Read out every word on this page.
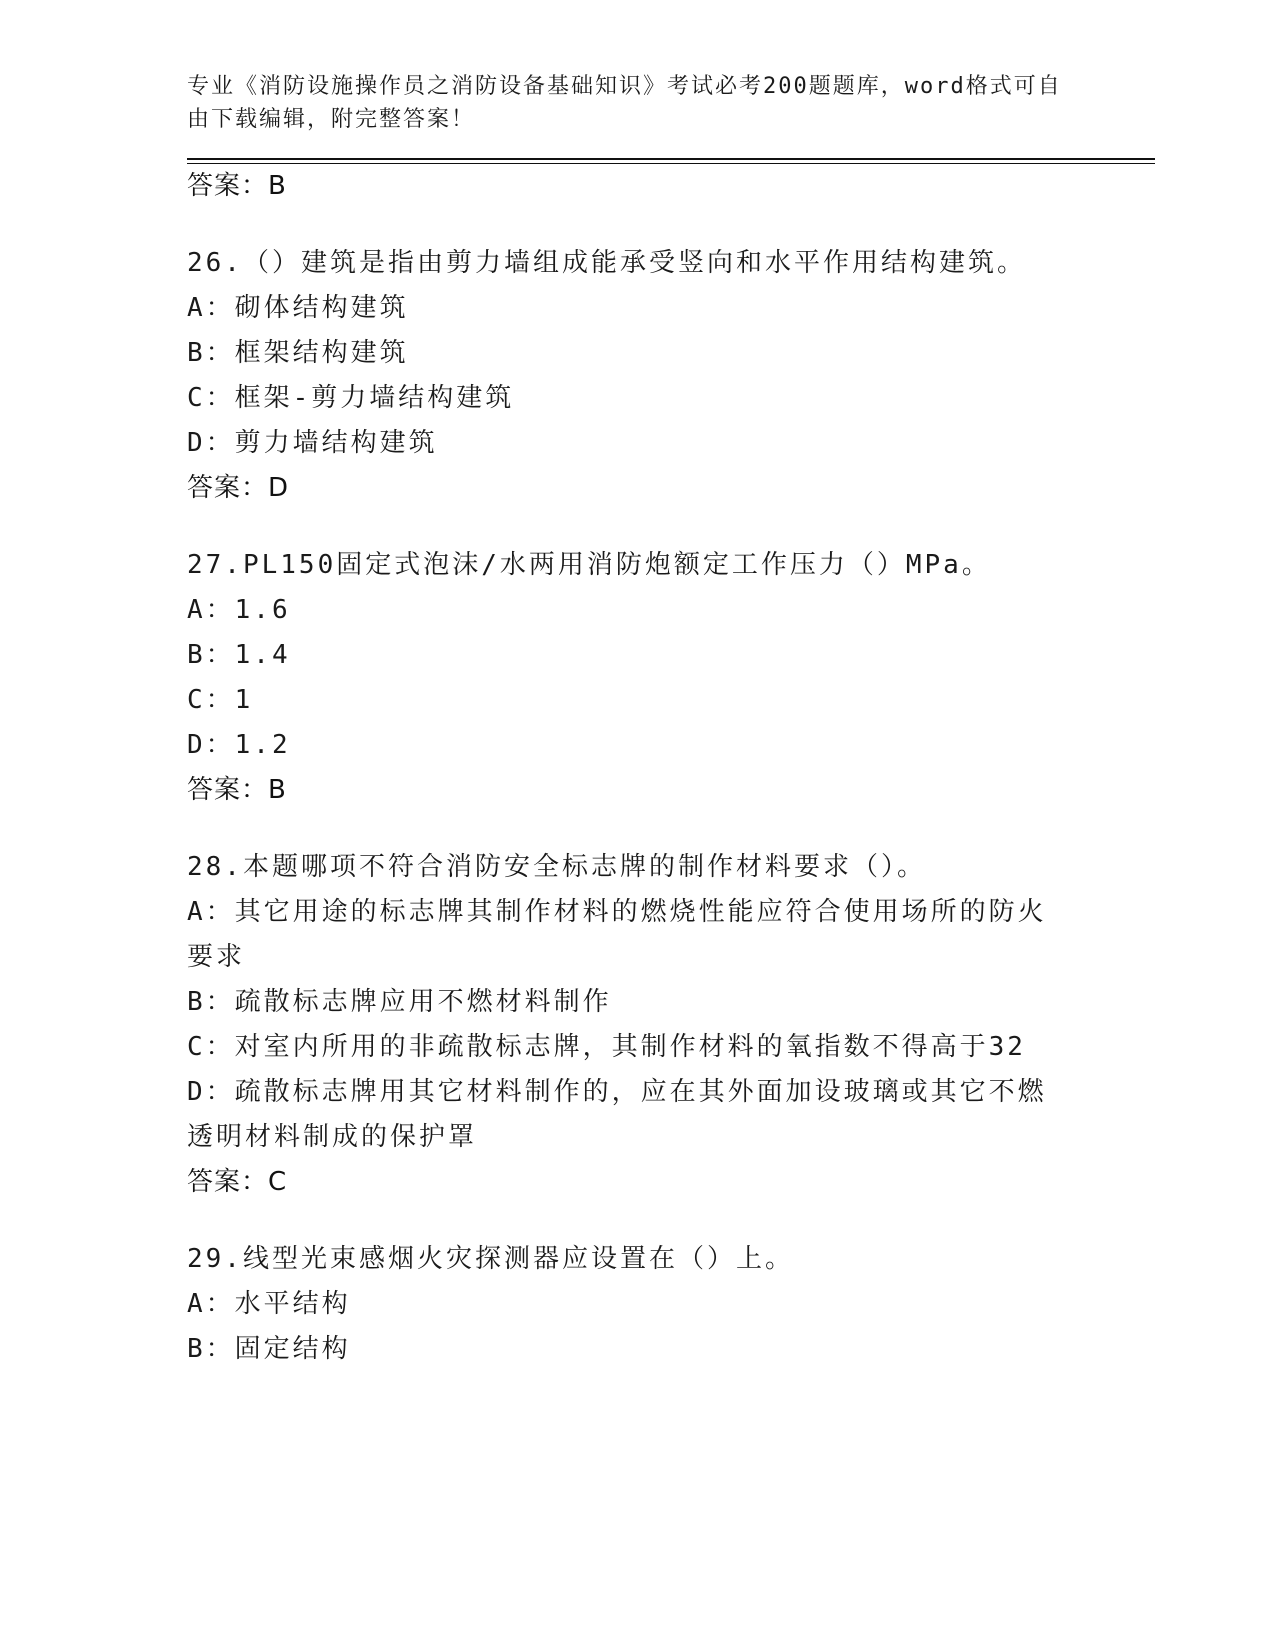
专业《消防设施操作员之消防设备基础知识》考试必考200题题库，word格式可自由下载编辑，附完整答案！
答案：B
26.（）建筑是指由剪力墙组成能承受竖向和水平作用结构建筑。
A：砌体结构建筑
B：框架结构建筑
C：框架-剪力墙结构建筑
D：剪力墙结构建筑
答案：D
27.PL150固定式泡沫/水两用消防炮额定工作压力（）MPa。
A：1.6
B：1.4
C：1
D：1.2
答案：B
28.本题哪项不符合消防安全标志牌的制作材料要求（）。
A：其它用途的标志牌其制作材料的燃烧性能应符合使用场所的防火要求
B：疏散标志牌应用不燃材料制作
C：对室内所用的非疏散标志牌，其制作材料的氧指数不得高于32
D：疏散标志牌用其它材料制作的，应在其外面加设玻璃或其它不燃透明材料制成的保护罩
答案：C
29.线型光束感烟火灾探测器应设置在（）上。
A：水平结构
B：固定结构
